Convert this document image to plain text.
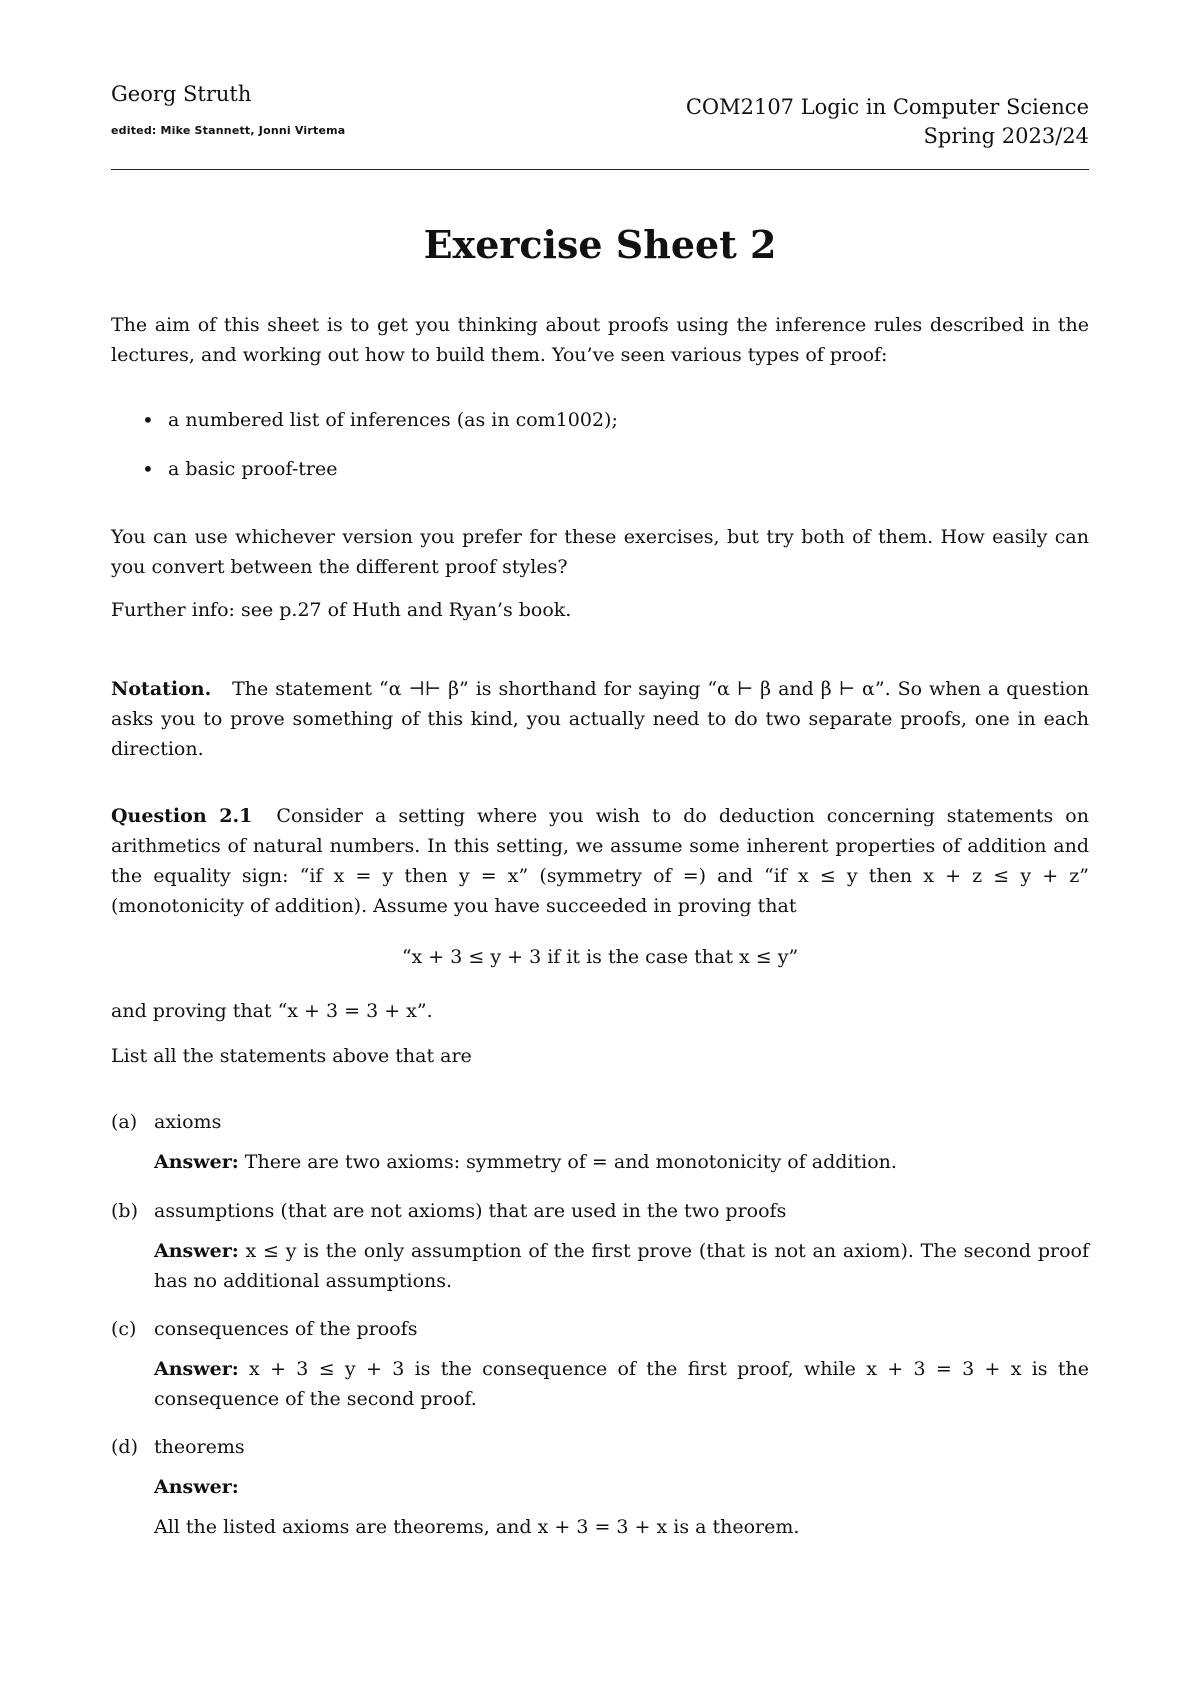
Georg Struth
edited: Mike Stannett, Jonni Virtema
COM2107 Logic in Computer Science
Spring 2023/24
Exercise Sheet 2

The aim of this sheet is to get you thinking about proofs using the inference rules described in the lectures, and working out how to build them. You’ve seen various types of proof:

• a numbered list of inferences (as in com1002);
• a basic proof-tree

You can use whichever version you prefer for these exercises, but try both of them. How easily can you convert between the different proof styles?

Further info: see p.27 of Huth and Ryan’s book.

Notation. The statement “α ⊣⊢ β” is shorthand for saying “α ⊢ β and β ⊢ α”. So when a question asks you to prove something of this kind, you actually need to do two separate proofs, one in each direction.

Question 2.1 Consider a setting where you wish to do deduction concerning statements on arithmetics of natural numbers. In this setting, we assume some inherent properties of addition and the equality sign: “if x = y then y = x” (symmetry of =) and “if x ≤ y then x + z ≤ y + z” (monotonicity of addition). Assume you have succeeded in proving that

“x + 3 ≤ y + 3 if it is the case that x ≤ y”

and proving that “x + 3 = 3 + x”.

List all the statements above that are

(a) axioms

Answer: There are two axioms: symmetry of = and monotonicity of addition.

(b) assumptions (that are not axioms) that are used in the two proofs

Answer: x ≤ y is the only assumption of the first prove (that is not an axiom). The second proof has no additional assumptions.

(c) consequences of the proofs

Answer: x + 3 ≤ y + 3 is the consequence of the first proof, while x + 3 = 3 + x is the consequence of the second proof.

(d) theorems

Answer:

All the listed axioms are theorems, and x + 3 = 3 + x is a theorem.
